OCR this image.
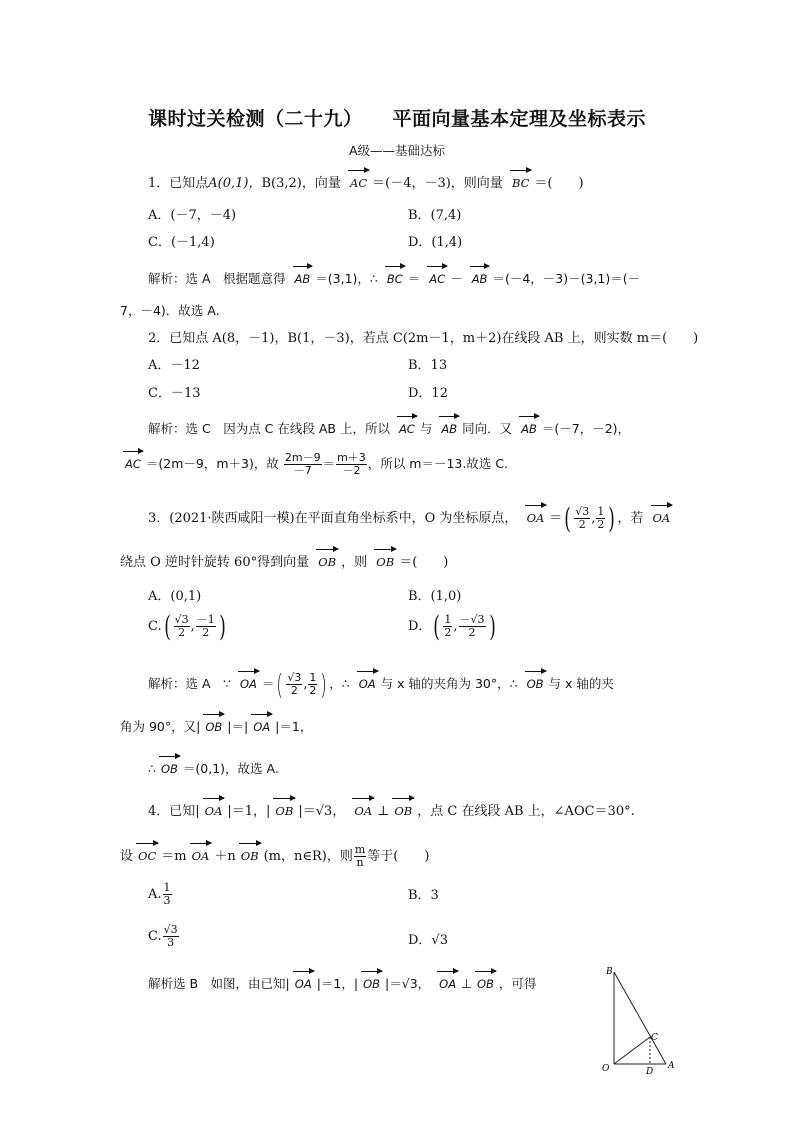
课时过关检测（二十九） 平面向量基本定理及坐标表示
A级——基础达标
1．已知点A(0,1)，B(3,2)，向量 AC ＝(－4，－3)，则向量 BC ＝(　　)
A．(－7，－4)	B．(7,4)
C．(－1,4)	D．(1,4)
解析：选 A　根据题意得 AB ＝(3,1)，∴ BC ＝ AC － AB ＝(－4，－3)－(3,1)＝(－
7，－4)．故选 A.
2．已知点 A(8，－1)，B(1，－3)，若点 C(2m－1，m＋2)在线段 AB 上，则实数 m＝(　　)
A．－12	B．13
C．－13	D．12
解析：选 C　因为点 C 在线段 AB 上，所以 AC 与 AB 同向．又 AB ＝(－7，－2)，
AC ＝(2m－9，m＋3)，故 $\frac{2m-9}{-7} = \frac{m+3}{-2}$ ，所以 m＝－13.故选 C.
3．(2021·陕西咸阳一模)在平面直角坐标系中，O 为坐标原点， OA ＝( $\frac{√3}{2}$ , $\frac{1}{2}$ ) ，若 OA
绕点 O 逆时针旋转 60°得到向量 OB ，则 OB ＝(　　)
A．(0,1)	B．(1,0)
$C.( \frac{√3}{2}$ , $\frac{-1}{2}$ )	D．( $\frac{1}{2}$ , $\frac{-√3}{2}$ )
解析：选 A　∵ OA ＝( $\frac{√3}{2}$ , $\frac{1}{2}$ ) ，∴ OA 与 x 轴的夹角为 30°，∴ OB 与 x 轴的夹
角为 90°，又| OB |＝| OA |＝1，
∴ OB ＝(0,1)，故选 A.
4．已知| OA |＝1，| OB |＝√3， OA ⊥ OB ，点 C 在线段 AB 上，∠AOC＝30°.
设 OC ＝m OA ＋n OB (m，n∈R)，则 $\frac{m}{n}$ 等于(　　)
A. $\frac{1}{3}$	B．3
C. $\frac{√3}{3}$	D．√3
解析选 B　如图，由已知| OA |＝1，| OB |＝√3， OA ⊥ OB ，可得
B
C
O	D
A
